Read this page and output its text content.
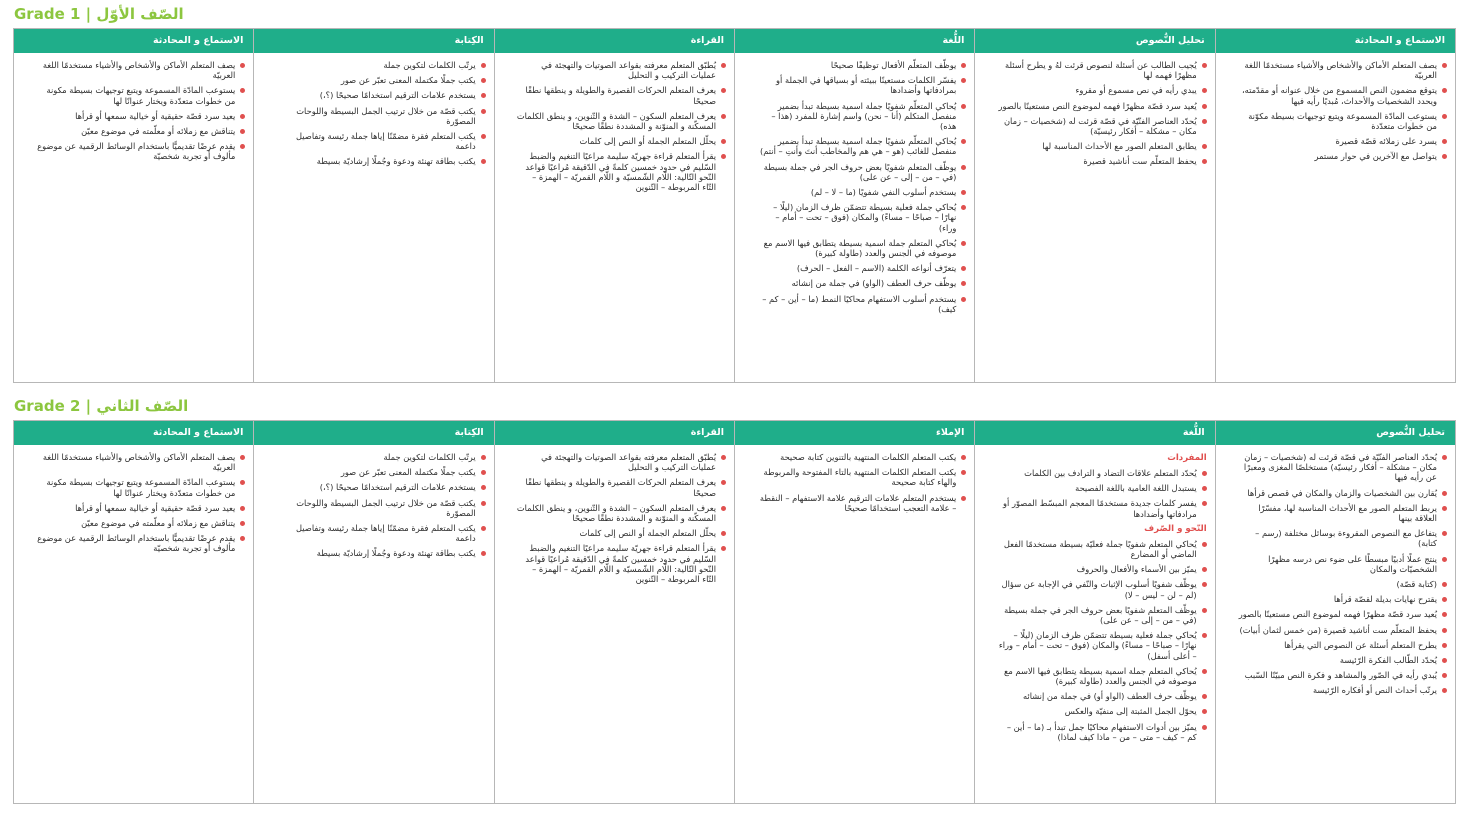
Grade 1 | الصّف الأوّل
الاستماع و المحادثة
يصف المتعلم الأماكن والأشخاص والأشياء مستخدمًا اللغة العربيّة
يتوقع مضمون النص المسموع من خلال عنوانه أو مقدّمته، ويحدد الشخصيات والأحداث، مُبديًا رأيه فيها
يستوعب المادّة المسموعة ويتبع توجيهات بسيطة مكوّنة من خطوات متعدّدة
يسرد على زملائه قصّة قصيرة
يتواصل مع الآخرين في حوار مستمر
تحليل النُّصوص
يُجيب الطالب عن أسئلة لنصوص قرئت لهُ و يطرح أسئلة مظهرًا فهمه لها
يبدي رأيه في نص مسموع أو مقروء
يُعيد سرد قصّة مظهرًا فهمه لموضوع النص مستعينًا بالصور
يُحدّد العناصر الفنّيّة في قصّة قرئت له (شخصيات – زمان مكان – مشكلة – أفكار رئيسيّة)
يطابق المتعلم الصور مع الأحداث المناسبة لها
يحفظ المتعلّم ست أناشيد قصيرة
اللُّغة
يوظّف المتعلّم الأفعال توظيفًا صحيحًا
يفسّر الكلمات مستعينًا ببيئته أو بسياقها في الجملة أو بمرادفاتها وأضدادها
يُحاكي المتعلّم شفويًا جملة اسمية بسيطة تبدأ بضمير منفصل المتكلم (أنا – نحن) واسم إشارة للمفرد (هذا – هذه)
يُحاكي المتعلّم شفويًا جملة اسمية بسيطة تبدأ بضمير منفصل للغائب (هو – هي هم والمخاطب أنتَ وأنتِ – أنتم)
يوظّف المتعلم شفويًا بعض حروف الجر في جملة بسيطة (في – من – إلى – عن على)
يستخدم أسلوب النفي شفويًا (ما – لا – لم)
يُحاكي جملة فعلية بسيطة تتضمّن ظرف الزمان (ليلًا – نهارًا – صباحًا – مساءً) والمكان (فوق – تحت – أمام – وراء)
يُحاكي المتعلم جملة اسمية بسيطة يتطابق فيها الاسم مع موصوفه في الجنس والعدد (طاولة كبيرة)
يتعرّف أنواعه الكلمة (الاسم – الفعل – الحرف)
يوظّف حرف العطف (الواو) في جملة من إنشائه
يستخدم أسلوب الاستفهام محاكيًا النمط (ما – أين – كم – كيف)
القراءة
يُطبّق المتعلم معرفته بقواعد الصوتيات والتهجئة في عمليات التركيب و التحليل
يعرف المتعلم الحركات القصيرة والطويلة و ينطقها نطقًا صحيحًا
يعرف المتعلم السكون – الشدة و التّنوين، و ينطق الكلمات المسكّنة و المنوّنة و المشددة نطقًا صحيحًا
يحلّل المتعلم الجملة أو النص إلى كلمات
يقرأ المتعلم قراءة جهريّة سليمة مراعيًا التنغيم والضبط السّليم في حدود خمسين كلمةً في الدّقيقة مُراعيًا قواعد النّحو التّالية: اللّام الشّمسيّة و اللّام القمريّة – الهمزة – التّاء المربوطة – التّنوين
الكِتابة
يرتّب الكلمات لتكوين جملة
يكتب جملًا مكتملة المعنى تعبّر عن صور
يستخدم علامات الترقيم استخدامًا صحيحًا (؟،)
يكتب قصّة من خلال ترتيب الجمل البسيطة واللوحات المصوّرة
يكتب المتعلم فقرة مضمّنًا إياها جملة رئيسة وتفاصيل داعمة
يكتب بطاقة تهنئة ودعوة وجُملًا إرشاديّة بسيطة
الاستماع و المحادثة
يصف المتعلم الأماكن والأشخاص والأشياء مستخدمًا اللغة العربيّة
يستوعب المادّة المسموعة ويتبع توجيهات بسيطة مكونة من خطوات متعدّدة ويختار عنوانًا لها
يعيد سرد قصّة حقيقية أو خيالية سمعها أو قرأها
يتناقش مع زملائه أو معلّمته في موضوع معيّن
يقدم عرضًا تقديميًّا باستخدام الوسائط الرقمية عن موضوع مألوف أو تجربة شخصيّة
Grade 2 | الصّف الثاني
تحليل النُّصوص
يُحدّد العناصر الفنّيّة في قصّة قرئت له (شخصيات – زمان مكان – مشكلة – أفكار رئيسيّة) مستخلصًا المغزى ومعبرًا عن رأيه فيها
يُقارن بين الشخصيات والزمان والمكان في قصص قرأها
يربط المتعلم الصور مع الأحداث المناسبة لها، مفسّرًا العلاقة بينها
يتفاعل مع النصوص المقروءة بوسائل مختلفة (رسم – كتابة)
ينتج عملًا أدبيًا مبسطًا على ضوء نص درسه مظهرًا الشخصيّات والمكان
(كتابة قصّة)
يقترح نهايات بديلة لقصّة قرأها
يُعيد سرد قصّة مظهرًا فهمه لموضوع النص مستعينًا بالصور
يحفظ المتعلّم ست أناشيد قصيرة (من خمس لثمان أبيات)
يطرح المتعلم أسئلة عن النصوص التي يقرأها
يُحدّد الطّالب الفكرة الرّئيسة
يُبدي رأيه في الصّور والمشاهد و فكرة النص مبيّنًا السّبب
يرتّب أحداث النص أو أفكاره الرّئيسة
اللُّغة
المفردات
يُحدّد المتعلم علاقات التضاد و الترادف بين الكلمات
يستبدل اللغة العامية باللغة الفصيحة
يفسر كلمات جديدة مستخدمًا المعجم المبسّط المصوّر أو مرادفاتها وأضدادها
النّحو و الصّرف
يُحاكي المتعلم شفويًا جملة فعليّة بسيطة مستخدمًا الفعل الماضي أو المضارع
يميّز بين الأسماء والأفعال والحروف
يوظّف شفويًا أسلوب الإثبات والنّفي في الإجابة عن سؤال (لم – لن – ليس – لا)
يوظّف المتعلم شفويًا بعض حروف الجر في جملة بسيطة (في – من – إلى – عن على)
يُحاكي جملة فعلية بسيطة تتضمّن ظرف الزمان (ليلًا – نهارًا – صباحًا – مساءً) والمكان (فوق – تحت – أمام – وراء – أعلى أسفل)
يُحاكي المتعلم جملة اسمية بسيطة يتطابق فيها الاسم مع موصوفه في الجنس والعدد (طاولة كبيرة)
يوظّف حرف العطف (الواو أو) في جملة من إنشائه
يحوّل الجمل المثبتة إلى منفيّة والعكس
يميّز بين أدوات الاستفهام محاكيًا جمل تبدأ بـ (ما – أين – كم – كيف – متى – من – ماذا كيف لماذا)
الإملاء
يكتب المتعلم الكلمات المنتهية بالتنوين كتابة صحيحة
يكتب المتعلم الكلمات المنتهية بالتاء المفتوحة والمربوطة والهاء كتابة صحيحة
يستخدم المتعلم علامات الترقيم علامة الاستفهام – النقطة – علامة التعجب استخدامًا صحيحًا
القراءة
يُطبّق المتعلم معرفته بقواعد الصوتيات والتهجئة في عمليات التركيب و التحليل
يعرف المتعلم الحركات القصيرة والطويلة و ينطقها نطقًا صحيحًا
يعرف المتعلم السكون – الشدة و التّنوين، و ينطق الكلمات المسكّنة و المنوّنة و المشددة نطقًا صحيحًا
يحلّل المتعلم الجملة أو النص إلى كلمات
يقرأ المتعلم قراءة جهريّة سليمة مراعيًا التنغيم والضبط السّليم في حدود خمسين كلمةً في الدّقيقة مُراعيًا قواعد النّحو التّالية: اللّام الشّمسيّة و اللّام القمريّة – الهمزة – التّاء المربوطة – التّنوين
الكِتابة
يرتّب الكلمات لتكوين جملة
يكتب جملًا مكتملة المعنى تعبّر عن صور
يستخدم علامات الترقيم استخدامًا صحيحًا (؟،)
يكتب قصّة من خلال ترتيب الجمل البسيطة واللوحات المصوّرة
يكتب المتعلم فقرة مضمّنًا إياها جملة رئيسة وتفاصيل داعمة
يكتب بطاقة تهنئة ودعوة وجُملًا إرشاديّة بسيطة
الاستماع و المحادثة
يصف المتعلم الأماكن والأشخاص والأشياء مستخدمًا اللغة العربيّة
يستوعب المادّة المسموعة ويتبع توجيهات بسيطة مكونة من خطوات متعدّدة ويختار عنوانًا لها
يعيد سرد قصّة حقيقية أو خيالية سمعها أو قرأها
يتناقش مع زملائه أو معلّمته في موضوع معيّن
يقدم عرضًا تقديميًّا باستخدام الوسائط الرقمية عن موضوع مألوف أو تجربة شخصيّة
